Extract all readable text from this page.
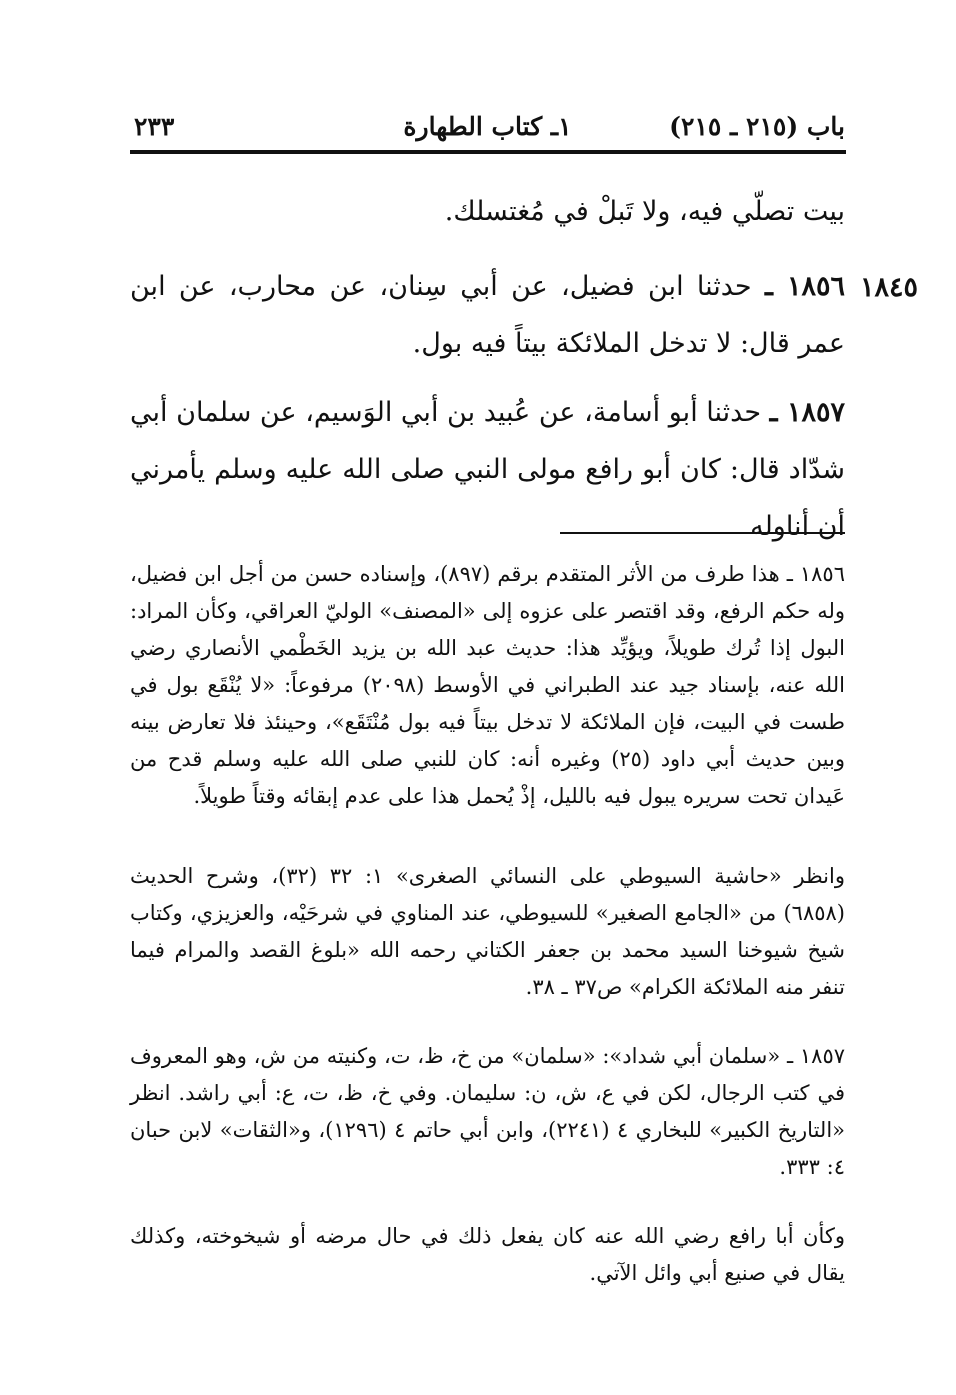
باب (٢١٥ ـ ٢١٥)
١ـ كتاب الطهارة
٢٣٣
بيت تصلّي فيه، ولا تَبلْ في مُغتسلك.
١٨٤٥
١٨٥٦ ـ حدثنا ابن فضيل، عن أبي سِنان، عن محارب، عن ابن عمر قال: لا تدخل الملائكة بيتاً فيه بول.
١٨٥٧ ـ حدثنا أبو أسامة، عن عُبيد بن أبي الوَسيم، عن سلمان أبي شدّاد قال: كان أبو رافع مولى النبي صلى الله عليه وسلم يأمرني أن أناوله
١٨٥٦ ـ هذا طرف من الأثر المتقدم برقم (٨٩٧)، وإسناده حسن من أجل ابن فضيل، وله حكم الرفع، وقد اقتصر على عزوه إلى «المصنف» الوليّ العراقي، وكأن المراد: البول إذا تُرك طويلاً، ويؤيِّد هذا: حديث عبد الله بن يزيد الخَطْمي الأنصاري رضي الله عنه، بإسناد جيد عند الطبراني في الأوسط (٢٠٩٨) مرفوعاً: «لا يُنْقَع بول في طست في البيت، فإن الملائكة لا تدخل بيتاً فيه بول مُنْتَقَع»، وحينئذ فلا تعارض بينه وبين حديث أبي داود (٢٥) وغيره أنه: كان للنبي صلى الله عليه وسلم قدح من عَيدان تحت سريره يبول فيه بالليل، إذْ يُحمل هذا على عدم إبقائه وقتاً طويلاً.
وانظر «حاشية السيوطي على النسائي الصغرى» ١: ٣٢ (٣٢)، وشرح الحديث (٦٨٥٨) من «الجامع الصغير» للسيوطي، عند المناوي في شرحَيْه، والعزيزي، وكتاب شيخ شيوخنا السيد محمد بن جعفر الكتاني رحمه الله «بلوغ القصد والمرام فيما تنفر منه الملائكة الكرام» ص٣٧ ـ ٣٨.
١٨٥٧ ـ «سلمان أبي شداد»: «سلمان» من خ، ظ، ت، وكنيته من ش، وهو المعروف في كتب الرجال، لكن في ع، ش، ن: سليمان. وفي خ، ظ، ت، ع: أبي راشد. انظر «التاريخ الكبير» للبخاري ٤ (٢٢٤١)، وابن أبي حاتم ٤ (١٢٩٦)، و«الثقات» لابن حبان ٤: ٣٣٣.
وكأن أبا رافع رضي الله عنه كان يفعل ذلك في حال مرضه أو شيخوخته، وكذلك يقال في صنيع أبي وائل الآتي.
